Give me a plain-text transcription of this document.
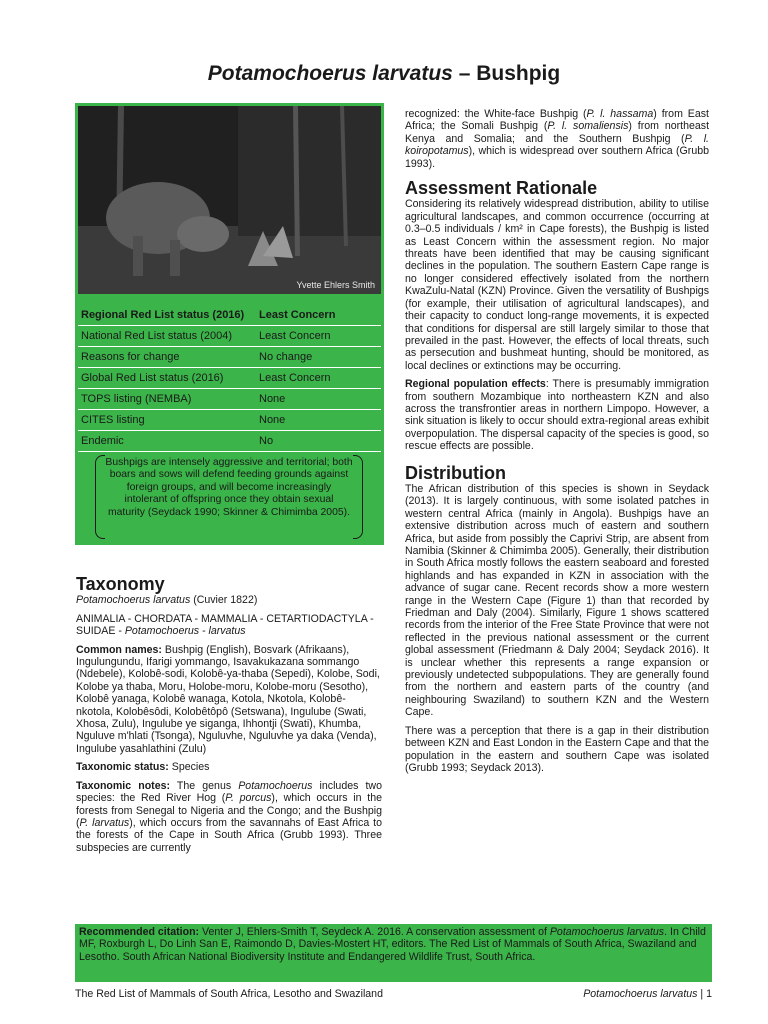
Potamochoerus larvatus – Bushpig
Yvette Ehlers Smith
Regional Red List status (2016)	Least Concern
National Red List status (2004)	Least Concern
Reasons for change	No change
Global Red List status (2016)	Least Concern
TOPS listing (NEMBA)	None
CITES listing	None
Endemic	No
Bushpigs are intensely aggressive and territorial; both boars and sows will defend feeding grounds against foreign groups, and will become increasingly intolerant of offspring once they obtain sexual maturity (Seydack 1990; Skinner & Chimimba 2005).
Taxonomy

Potamochoerus larvatus (Cuvier 1822)

ANIMALIA - CHORDATA - MAMMALIA - CETARTIODACTYLA - SUIDAE - Potamochoerus - larvatus

Common names: Bushpig (English), Bosvark (Afrikaans), Ingulungundu, Ifarigi yommango, Isavakukazana sommango (Ndebele), Kolobê-sodi, Kolobê-ya-thaba (Sepedi), Kolobe, Sodi, Kolobe ya thaba, Moru, Holobe-moru, Kolobe-moru (Sesotho), Kolobê yanaga, Kolobê wanaga, Kotola, Nkotola, Kolobê-nkotola, Kolobêsôdi, Kolobêtôpô (Setswana), Ingulube (Swati, Xhosa, Zulu), Ingulube ye siganga, Ihhontji (Swati), Khumba, Nguluve m'hlati (Tsonga), Nguluvhe, Nguluvhe ya daka (Venda), Ingulube yasahlathini (Zulu)

Taxonomic status: Species

Taxonomic notes: The genus Potamochoerus includes two species: the Red River Hog (P. porcus), which occurs in the forests from Senegal to Nigeria and the Congo; and the Bushpig (P. larvatus), which occurs from the savannahs of East Africa to the forests of the Cape in South Africa (Grubb 1993). Three subspecies are currently

recognized: the White-face Bushpig (P. l. hassama) from East Africa; the Somali Bushpig (P. l. somaliensis) from northeast Kenya and Somalia; and the Southern Bushpig (P. l. koiropotamus), which is widespread over southern Africa (Grubb 1993).

Assessment Rationale

Considering its relatively widespread distribution, ability to utilise agricultural landscapes, and common occurrence (occurring at 0.3–0.5 individuals / km² in Cape forests), the Bushpig is listed as Least Concern within the assessment region. No major threats have been identified that may be causing significant declines in the population. The southern Eastern Cape range is no longer considered effectively isolated from the northern KwaZulu-Natal (KZN) Province. Given the versatility of Bushpigs (for example, their utilisation of agricultural landscapes), and their capacity to conduct long-range movements, it is expected that conditions for dispersal are still largely similar to those that prevailed in the past. However, the effects of local threats, such as persecution and bushmeat hunting, should be monitored, as local declines or extinctions may be occurring.

Regional population effects: There is presumably immigration from southern Mozambique into northeastern KZN and also across the transfrontier areas in northern Limpopo. However, a sink situation is likely to occur should extra-regional areas exhibit overpopulation. The dispersal capacity of the species is good, so rescue effects are possible.

Distribution

The African distribution of this species is shown in Seydack (2013). It is largely continuous, with some isolated patches in western central Africa (mainly in Angola). Bushpigs have an extensive distribution across much of eastern and southern Africa, but aside from possibly the Caprivi Strip, are absent from Namibia (Skinner & Chimimba 2005). Generally, their distribution in South Africa mostly follows the eastern seaboard and forested highlands and has expanded in KZN in association with the advance of sugar cane. Recent records show a more western range in the Western Cape (Figure 1) than that recorded by Friedman and Daly (2004). Similarly, Figure 1 shows scattered records from the interior of the Free State Province that were not reflected in the previous national assessment or the current global assessment (Friedmann & Daly 2004; Seydack 2016). It is unclear whether this represents a range expansion or previously undetected subpopulations. They are generally found from the northern and eastern parts of the country (and neighbouring Swaziland) to southern KZN and the Western Cape.

There was a perception that there is a gap in their distribution between KZN and East London in the Eastern Cape and that the population in the eastern and southern Cape was isolated (Grubb 1993; Seydack 2013).

Recommended citation: Venter J, Ehlers-Smith T, Seydeck A. 2016. A conservation assessment of Potamochoerus larvatus. In Child MF, Roxburgh L, Do Linh San E, Raimondo D, Davies-Mostert HT, editors. The Red List of Mammals of South Africa, Swaziland and Lesotho. South African National Biodiversity Institute and Endangered Wildlife Trust, South Africa.
The Red List of Mammals of South Africa, Lesotho and Swaziland	Potamochoerus larvatus | 1
